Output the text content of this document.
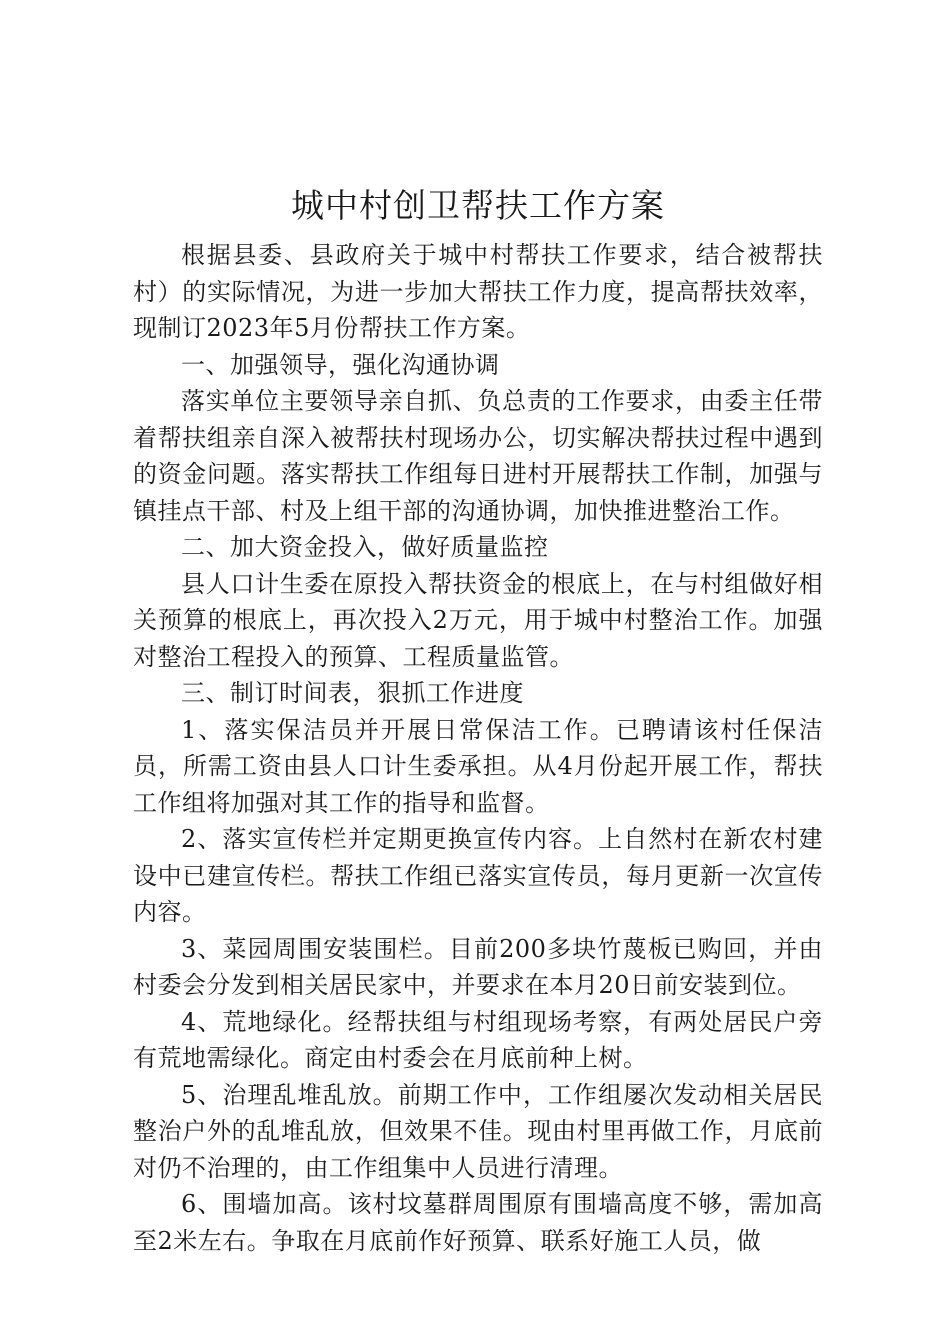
城中村创卫帮扶工作方案

根据县委、县政府关于城中村帮扶工作要求，结合被帮扶村）的实际情况，为进一步加大帮扶工作力度，提高帮扶效率，现制订2023年5月份帮扶工作方案。

一、加强领导，强化沟通协调

落实单位主要领导亲自抓、负总责的工作要求，由委主任带着帮扶组亲自深入被帮扶村现场办公，切实解决帮扶过程中遇到的资金问题。落实帮扶工作组每日进村开展帮扶工作制，加强与镇挂点干部、村及上组干部的沟通协调，加快推进整治工作。

二、加大资金投入，做好质量监控

县人口计生委在原投入帮扶资金的根底上，在与村组做好相关预算的根底上，再次投入2万元，用于城中村整治工作。加强对整治工程投入的预算、工程质量监管。

三、制订时间表，狠抓工作进度

1、落实保洁员并开展日常保洁工作。已聘请该村任保洁员，所需工资由县人口计生委承担。从4月份起开展工作，帮扶工作组将加强对其工作的指导和监督。

2、落实宣传栏并定期更换宣传内容。上自然村在新农村建设中已建宣传栏。帮扶工作组已落实宣传员，每月更新一次宣传内容。

3、菜园周围安装围栏。目前200多块竹蔑板已购回，并由村委会分发到相关居民家中，并要求在本月20日前安装到位。

4、荒地绿化。经帮扶组与村组现场考察，有两处居民户旁有荒地需绿化。商定由村委会在月底前种上树。

5、治理乱堆乱放。前期工作中，工作组屡次发动相关居民整治户外的乱堆乱放，但效果不佳。现由村里再做工作，月底前对仍不治理的，由工作组集中人员进行清理。

6、围墙加高。该村坟墓群周围原有围墙高度不够，需加高至2米左右。争取在月底前作好预算、联系好施工人员，做
